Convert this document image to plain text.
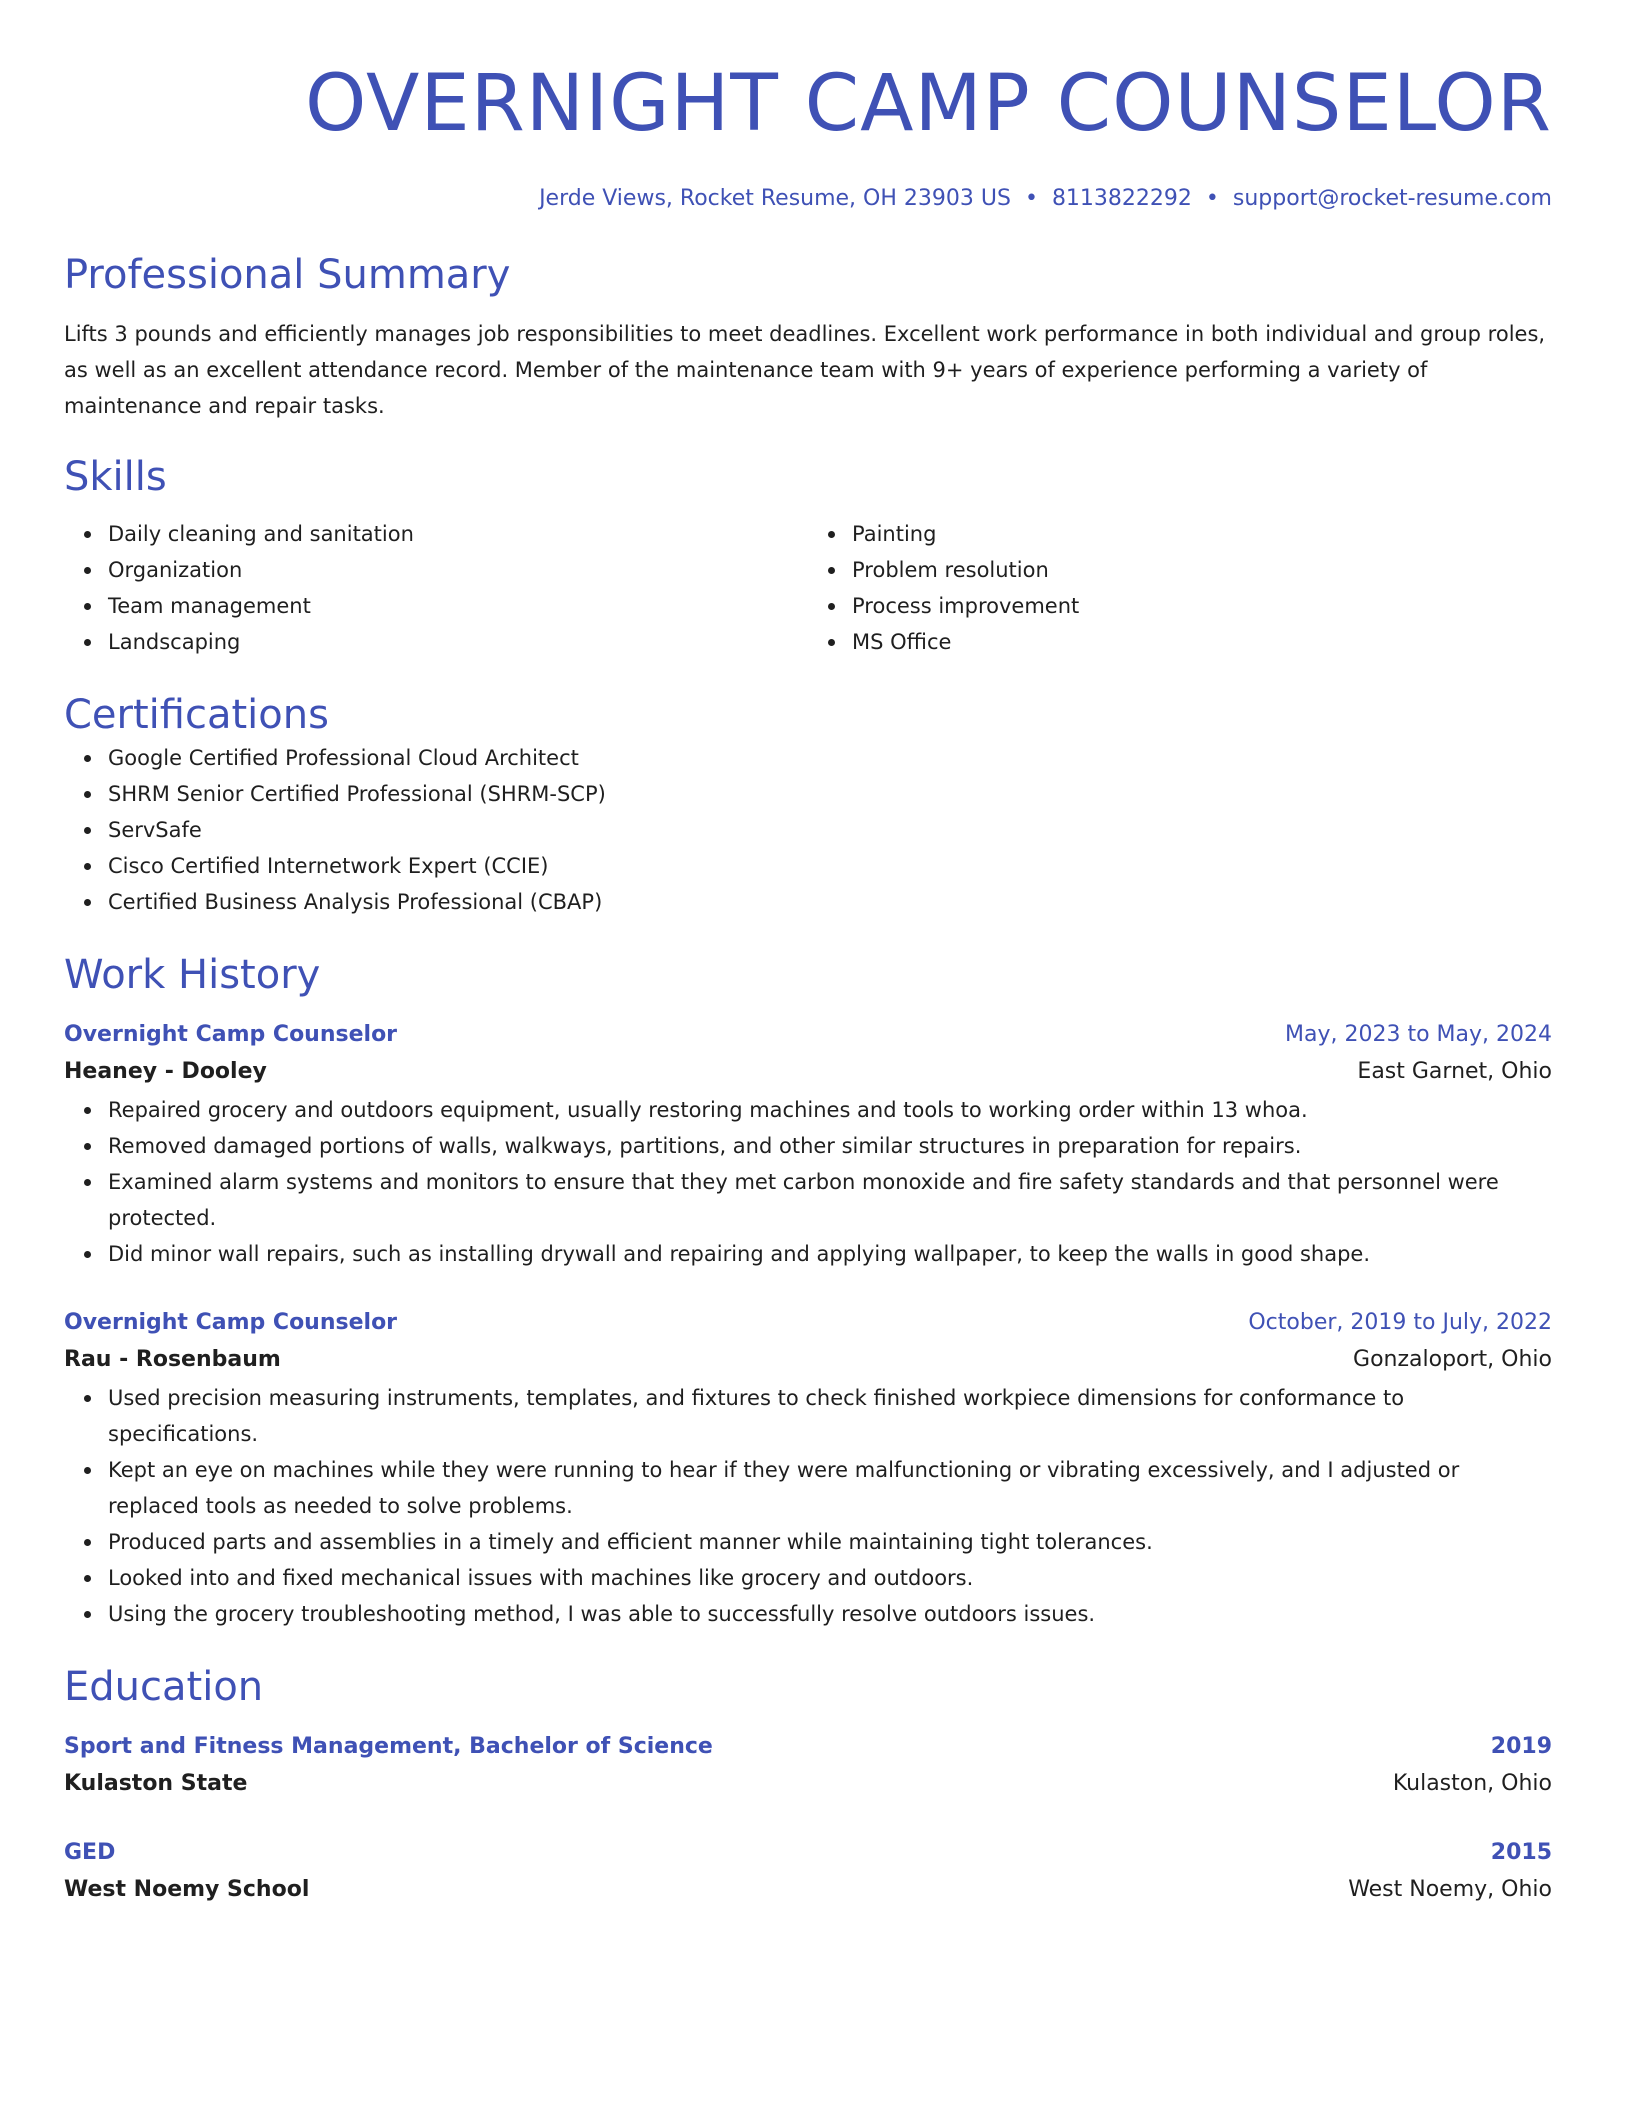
OVERNIGHT CAMP COUNSELOR
Jerde Views, Rocket Resume, OH 23903 US • 8113822292 • support@rocket-resume.com
Professional Summary
Lifts 3 pounds and efficiently manages job responsibilities to meet deadlines. Excellent work performance in both individual and group roles, as well as an excellent attendance record. Member of the maintenance team with 9+ years of experience performing a variety of maintenance and repair tasks.
Skills
Daily cleaning and sanitation
Organization
Team management
Landscaping
Painting
Problem resolution
Process improvement
MS Office
Certifications
Google Certified Professional Cloud Architect
SHRM Senior Certified Professional (SHRM-SCP)
ServSafe
Cisco Certified Internetwork Expert (CCIE)
Certified Business Analysis Professional (CBAP)
Work History
Overnight Camp Counselor	May, 2023 to May, 2024
Heaney - Dooley	East Garnet, Ohio
Repaired grocery and outdoors equipment, usually restoring machines and tools to working order within 13 whoa.
Removed damaged portions of walls, walkways, partitions, and other similar structures in preparation for repairs.
Examined alarm systems and monitors to ensure that they met carbon monoxide and fire safety standards and that personnel were protected.
Did minor wall repairs, such as installing drywall and repairing and applying wallpaper, to keep the walls in good shape.
Overnight Camp Counselor	October, 2019 to July, 2022
Rau - Rosenbaum	Gonzaloport, Ohio
Used precision measuring instruments, templates, and fixtures to check finished workpiece dimensions for conformance to specifications.
Kept an eye on machines while they were running to hear if they were malfunctioning or vibrating excessively, and I adjusted or replaced tools as needed to solve problems.
Produced parts and assemblies in a timely and efficient manner while maintaining tight tolerances.
Looked into and fixed mechanical issues with machines like grocery and outdoors.
Using the grocery troubleshooting method, I was able to successfully resolve outdoors issues.
Education
Sport and Fitness Management, Bachelor of Science	2019
Kulaston State	Kulaston, Ohio
GED	2015
West Noemy School	West Noemy, Ohio
